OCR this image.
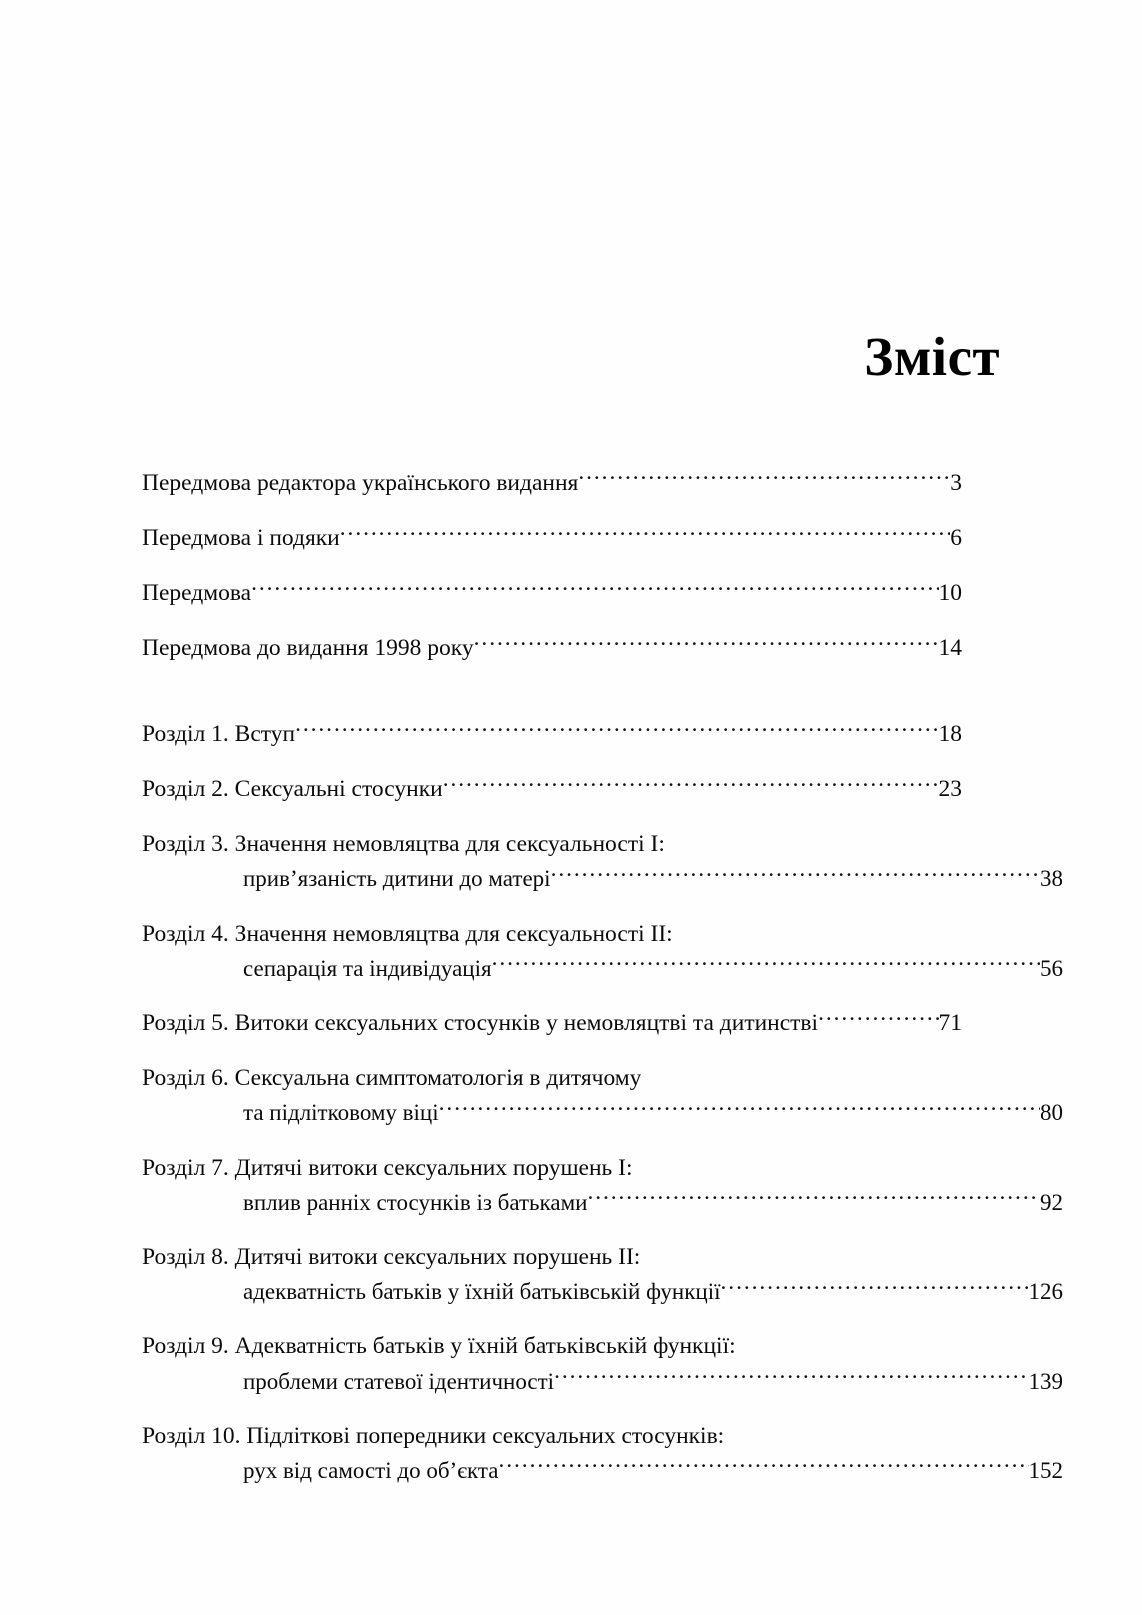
Зміст
Передмова редактора українського видання .....	3
Передмова і подяки .....	6
Передмова .....	10
Передмова до видання 1998 року .....	14
Розділ 1. Вступ .....	18
Розділ 2. Сексуальні стосунки .....	23
Розділ 3. Значення немовляцтва для сексуальності I:
прив’язаність дитини до матері .....	38
Розділ 4. Значення немовляцтва для сексуальності II:
сепарація та індивідуація .....	56
Розділ 5. Витоки сексуальних стосунків у немовляцтві та дитинстві .....	71
Розділ 6. Сексуальна симптоматологія в дитячому
та підлітковому віці .....	80
Розділ 7. Дитячі витоки сексуальних порушень I:
вплив ранніх стосунків із батьками .....	92
Розділ 8. Дитячі витоки сексуальних порушень II:
адекватність батьків у їхній батьківській функції .....	126
Розділ 9. Адекватність батьків у їхній батьківській функції:
проблеми статевої ідентичності .....	139
Розділ 10. Підліткові попередники сексуальних стосунків:
рух від самості до об’єкта .....	152
